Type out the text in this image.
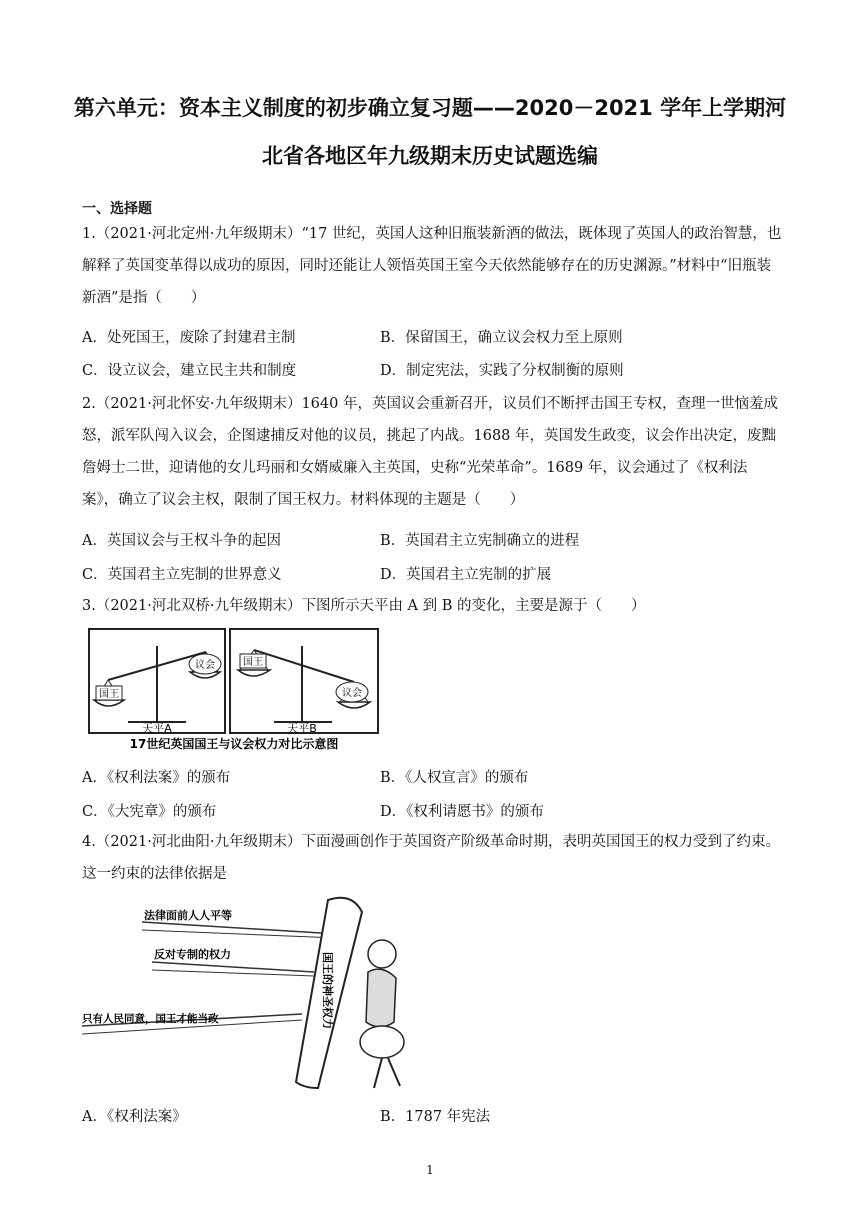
第六单元：资本主义制度的初步确立复习题——2020－2021 学年上学期河
北省各地区年九级期末历史试题选编
一、选择题
1.（2021·河北定州·九年级期末）“17 世纪，英国人这种旧瓶装新酒的做法，既体现了英国人的政治智慧，也解释了英国变革得以成功的原因，同时还能让人领悟英国王室今天依然能够存在的历史渊源。”材料中“旧瓶装新酒”是指（　　）
A．处死国王，废除了封建君主制	B．保留国王，确立议会权力至上原则
C．设立议会，建立民主共和制度	D．制定宪法，实践了分权制衡的原则
2.（2021·河北怀安·九年级期末）1640 年，英国议会重新召开，议员们不断抨击国王专权，查理一世恼羞成怒，派军队闯入议会，企图逮捕反对他的议员，挑起了内战。1688 年，英国发生政变，议会作出决定，废黜詹姆士二世，迎请他的女儿玛丽和女婿威廉入主英国，史称“光荣革命”。1689 年，议会通过了《权利法案》，确立了议会主权，限制了国王权力。材料体现的主题是（　　）
A．英国议会与王权斗争的起因	B．英国君主立宪制确立的进程
C．英国君主立宪制的世界意义	D．英国君主立宪制的扩展
3.（2021·河北双桥·九年级期末）下图所示天平由 A 到 B 的变化，主要是源于（　　）
国王
议会
天平A
国王
议会
天平B
17世纪英国国王与议会权力对比示意图
A．《权利法案》的颁布	B．《人权宣言》的颁布
C．《大宪章》的颁布	D．《权利请愿书》的颁布
4.（2021·河北曲阳·九年级期末）下面漫画创作于英国资产阶级革命时期，表明英国国王的权力受到了约束。这一约束的法律依据是
法律面前人人平等
反对专制的权力
只有人民同意，国王才能当政	国王的神圣权力
A．《权利法案》	B．1787 年宪法
1
